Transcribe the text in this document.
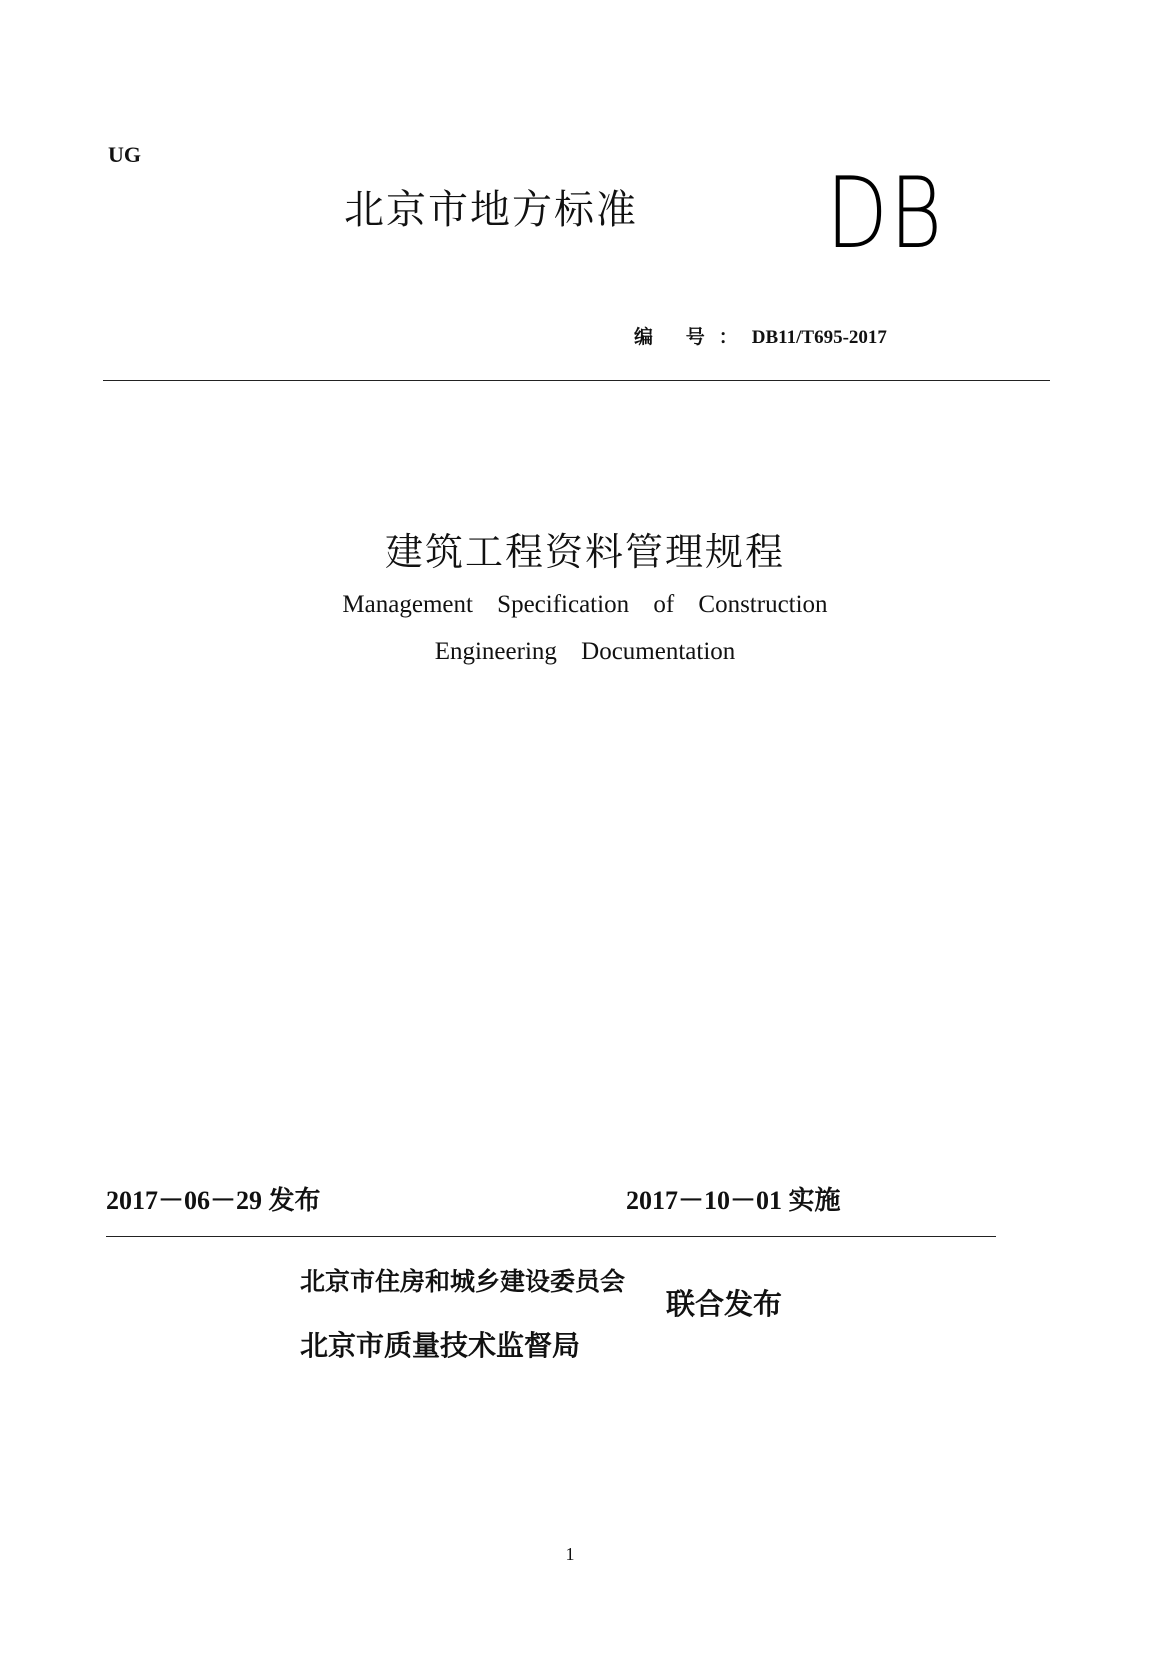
UG
北京市地方标准 DB
编 号：DB11/T695-2017
建筑工程资料管理规程
Management Specification of Construction
Engineering Documentation
2017－06－29 发布	2017－10－01 实施
北京市住房和城乡建设委员会
北京市质量技术监督局
联合发布
1
